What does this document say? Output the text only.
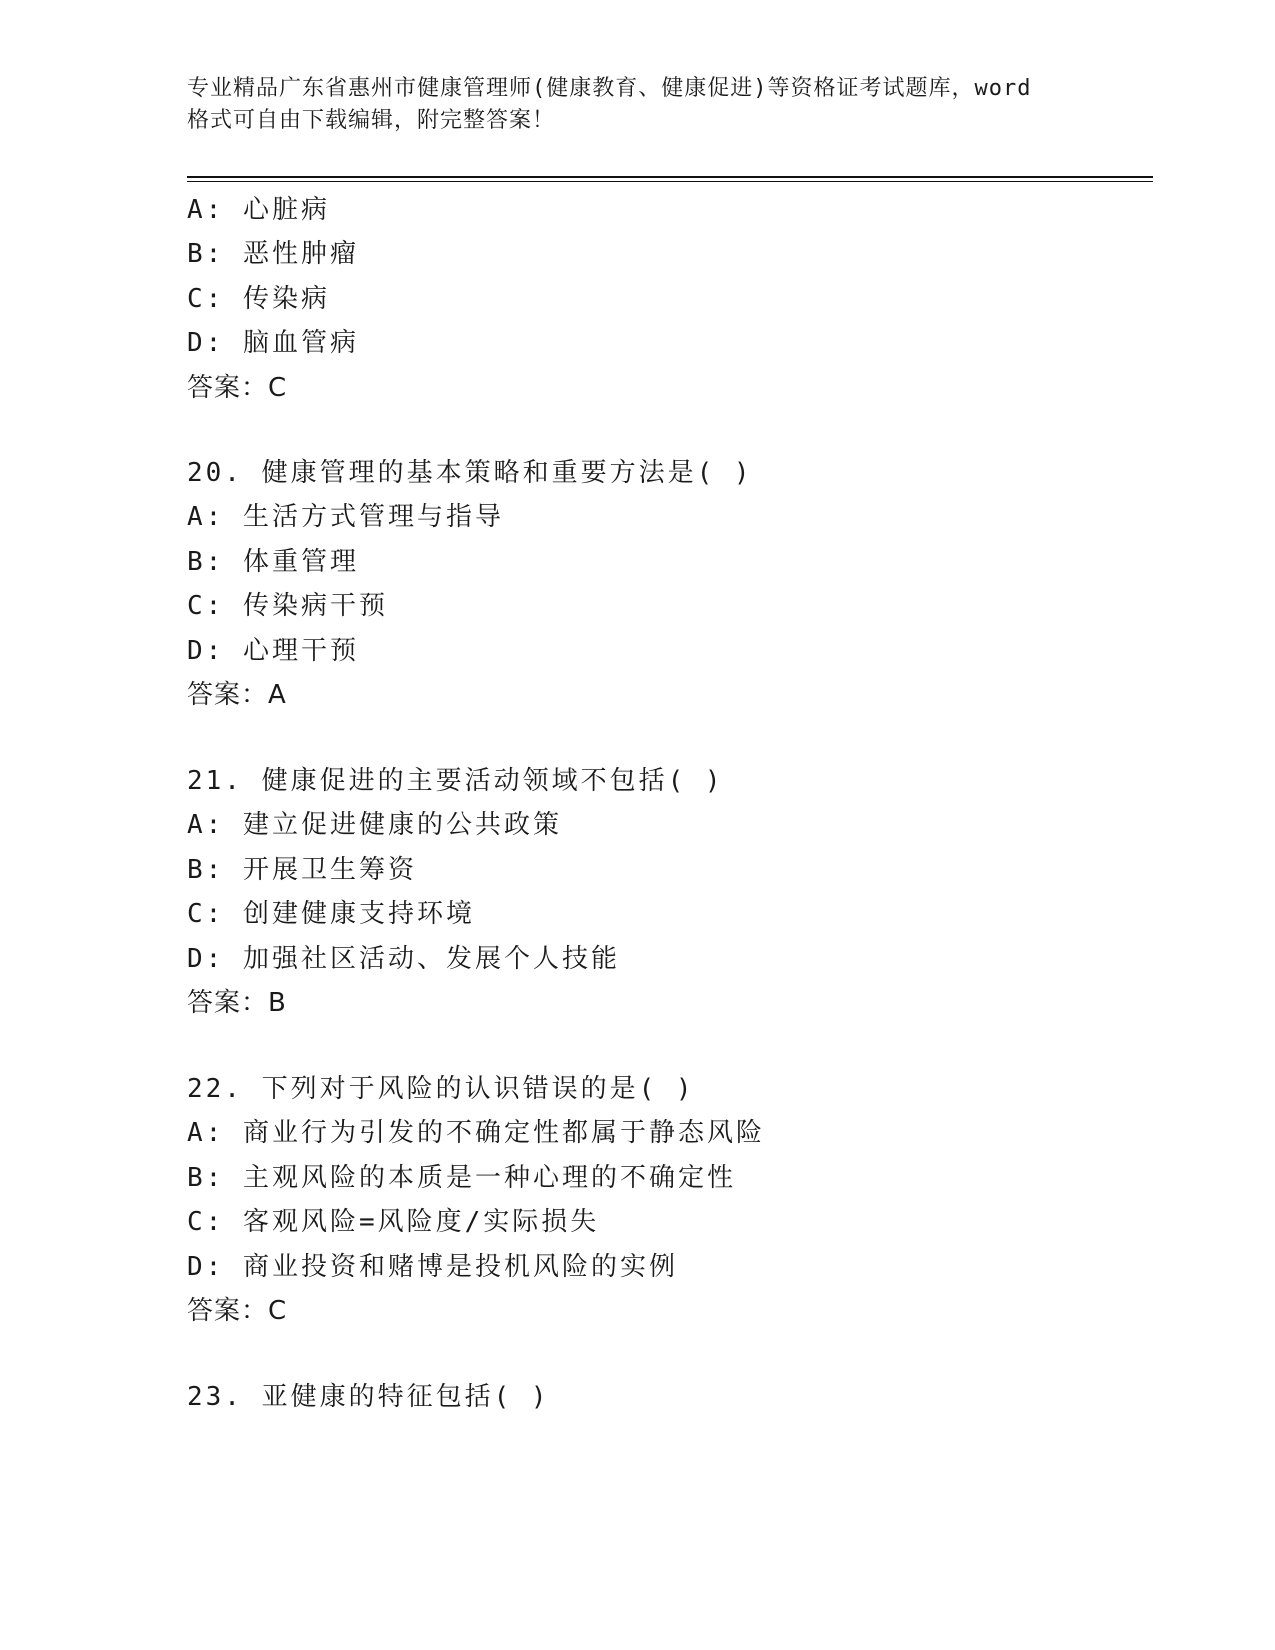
专业精品广东省惠州市健康管理师(健康教育、健康促进)等资格证考试题库，word
格式可自由下载编辑，附完整答案！
A: 心脏病
B: 恶性肿瘤
C: 传染病
D: 脑血管病
答案：C
20. 健康管理的基本策略和重要方法是( )
A: 生活方式管理与指导
B: 体重管理
C: 传染病干预
D: 心理干预
答案：A
21. 健康促进的主要活动领域不包括( )
A: 建立促进健康的公共政策
B: 开展卫生筹资
C: 创建健康支持环境
D: 加强社区活动、发展个人技能
答案：B
22. 下列对于风险的认识错误的是( )
A: 商业行为引发的不确定性都属于静态风险
B: 主观风险的本质是一种心理的不确定性
C: 客观风险=风险度/实际损失
D: 商业投资和赌博是投机风险的实例
答案：C
23. 亚健康的特征包括( )
